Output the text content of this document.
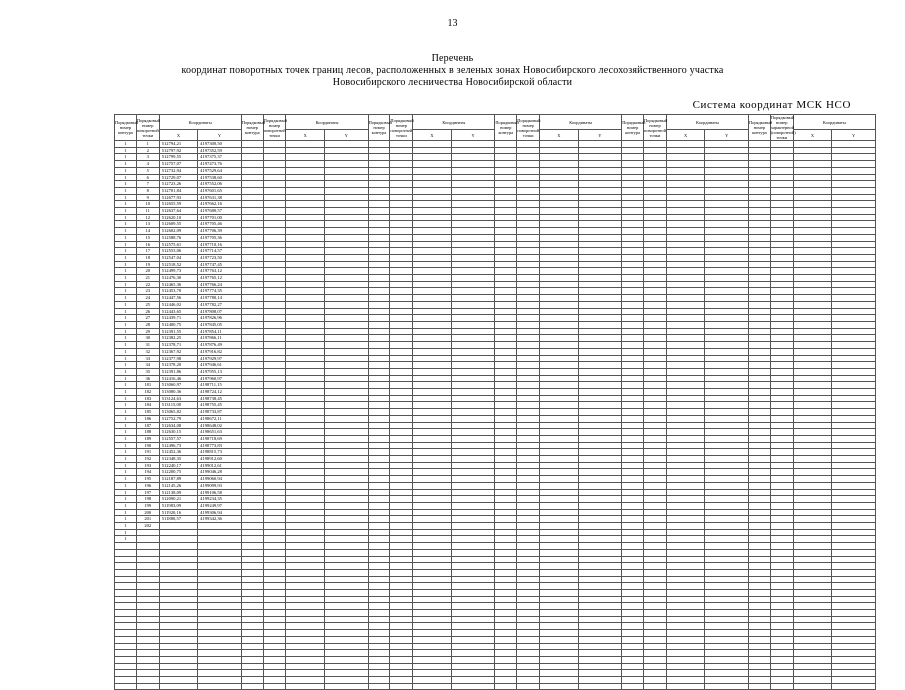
13
Перечень
координат поворотных точек границ лесов, расположенных в зеленых зонах Новосибирского лесохозяйственного участка
Новосибирского лесничества Новосибирской области
Система координат МСК НСО
Порядковый номер контура	Порядковый номер поворотной точки	Координаты		Порядковый номер контура	Порядковый номер поворотной точки	Координаты		Порядковый номер контура	Порядковый номер поворотной точки	Координаты		Порядковый номер контура	Порядковый номер поворотной точки	Координаты		Порядковый номер контура	Порядковый номер поворотной точки	Координаты		Порядковый номер контура	Порядковый номер характерной (поворотной) точки	Координаты	
		X	Y			X	Y			X	Y			X	Y			X	Y			X	Y
1	1	512794,21	4197300,50																				
1	2	512797,92	4197352,59																				
1	3	512799,55	4197375,37																				
1	4	512757,07	4197473,76																				
1	5	512732,94	4197529,64																				
1	6	512729,07	4197538,60																				
1	7	512723,26	4197552,06																				
1	8	512701,84	4197601,65																				
1	9	512677,93	4197631,38																				
1	10	512655,59	4197662,16																				
1	11	512637,64	4197680,57																				
1	12	512620,10	4197701,00																				
1	13	512609,55	4197705,46																				
1	14	512602,09	4197706,39																				
1	15	512588,76	4197705,36																				
1	16	512575,61	4197710,16																				
1	17	512553,06	4197714,57																				
1	18	512547,04	4197723,50																				
1	19	512518,52	4197747,45																				
1	20	512499,73	4197763,12																				
1	21	512476,30	4197765,12																				
1	22	512465,36	4197766,24																				
1	23	512453,70	4197774,35																				
1	24	512447,56	4197780,14																				
1	25	512446,02	4197782,27																				
1	26	512443,65	4197808,07																				
1	27	512439,71	4197826,96																				
1	28	512400,75	4197845,05																				
1	29	512391,55	4197854,11																				
1	30	512382,25	4197866,11																				
1	31	512378,71	4197876,49																				
1	32	512367,92	4197916,82																				
1	33	512377,98	4197929,97																				
1	34	512378,20	4197946,61																				
1	35	512391,86	4197955,13																				
1	36	512416,46	4197960,97																				
1	181	513060,97	4198711,15																				
1	182	513080,36	4198724,12																				
1	183	513124,63	4198738,45																				
1	184	513115,00	4198755,45																				
1	185	513065,82	4198733,87																				
1	186	512752,79	4198672,11																				
1	187	512634,08	4198648,02																				
1	188	512630,15	4198651,63																				
1	189	512557,57	4198718,69																				
1	190	512496,73	4198773,83																				
1	191	512452,36	4198815,73																				
1	192	512348,35	4198912,60																				
1	193	512240,17	4199012,61																				
1	194	512200,75	4199046,28																				
1	195	512187,89	4199060,94																				
1	196	512145,26	4199099,93																				
1	197	512138,09	4199106,58																				
1	198	512090,21	4199234,35																				
1	199	511983,09	4199249,97																				
1	200	511920,16	4199306,94																				
1	201	511880,57	4199342,36																				
1	202																						
1																							
1																							
